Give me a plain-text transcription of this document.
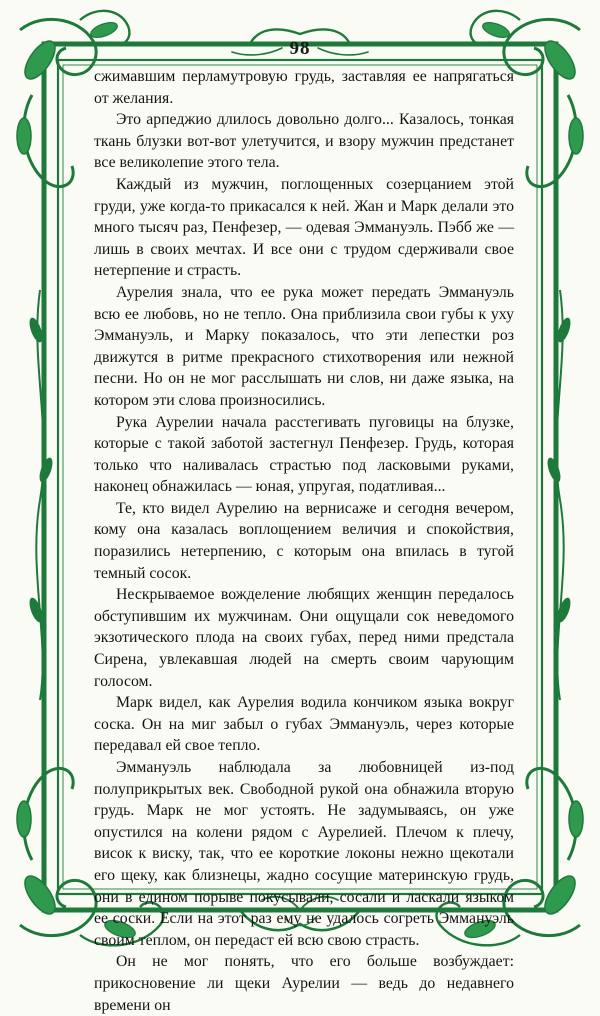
98

сжимавшим перламутровую грудь, заставляя ее напрягаться от желания.

Это арпеджио длилось довольно долго... Казалось, тонкая ткань блузки вот-вот улетучится, и взору мужчин предстанет все великолепие этого тела.

Каждый из мужчин, поглощенных созерцанием этой груди, уже когда-то прикасался к ней. Жан и Марк делали это много тысяч раз, Пенфезер, — одевая Эммануэль. Пэбб же — лишь в своих мечтах. И все они с трудом сдерживали свое нетерпение и страсть.

Аурелия знала, что ее рука может передать Эммануэль всю ее любовь, но не тепло. Она приблизила свои губы к уху Эммануэль, и Марку показалось, что эти лепестки роз движутся в ритме прекрасного стихотворения или нежной песни. Но он не мог расслышать ни слов, ни даже языка, на котором эти слова произносились.

Рука Аурелии начала расстегивать пуговицы на блузке, которые с такой заботой застегнул Пенфезер. Грудь, которая только что наливалась страстью под ласковыми руками, наконец обнажилась — юная, упругая, податливая...

Те, кто видел Аурелию на вернисаже и сегодня вечером, кому она казалась воплощением величия и спокойствия, поразились нетерпению, с которым она впилась в тугой темный сосок.

Нескрываемое вожделение любящих женщин передалось обступившим их мужчинам. Они ощущали сок неведомого экзотического плода на своих губах, перед ними предстала Сирена, увлекавшая людей на смерть своим чарующим голосом.

Марк видел, как Аурелия водила кончиком языка вокруг соска. Он на миг забыл о губах Эммануэль, через которые передавал ей свое тепло.

Эммануэль наблюдала за любовницей из-под полуприкрытых век. Свободной рукой она обнажила вторую грудь. Марк не мог устоять. Не задумываясь, он уже опустился на колени рядом с Аурелией. Плечом к плечу, висок к виску, так, что ее короткие локоны нежно щекотали его щеку, как близнецы, жадно сосущие материнскую грудь, они в едином порыве покусывали, сосали и ласкали языком ее соски. Если на этот раз ему не удалось согреть Эммануэль своим теплом, он передаст ей всю свою страсть.

Он не мог понять, что его больше возбуждает: прикосновение ли щеки Аурелии — ведь до недавнего времени он
